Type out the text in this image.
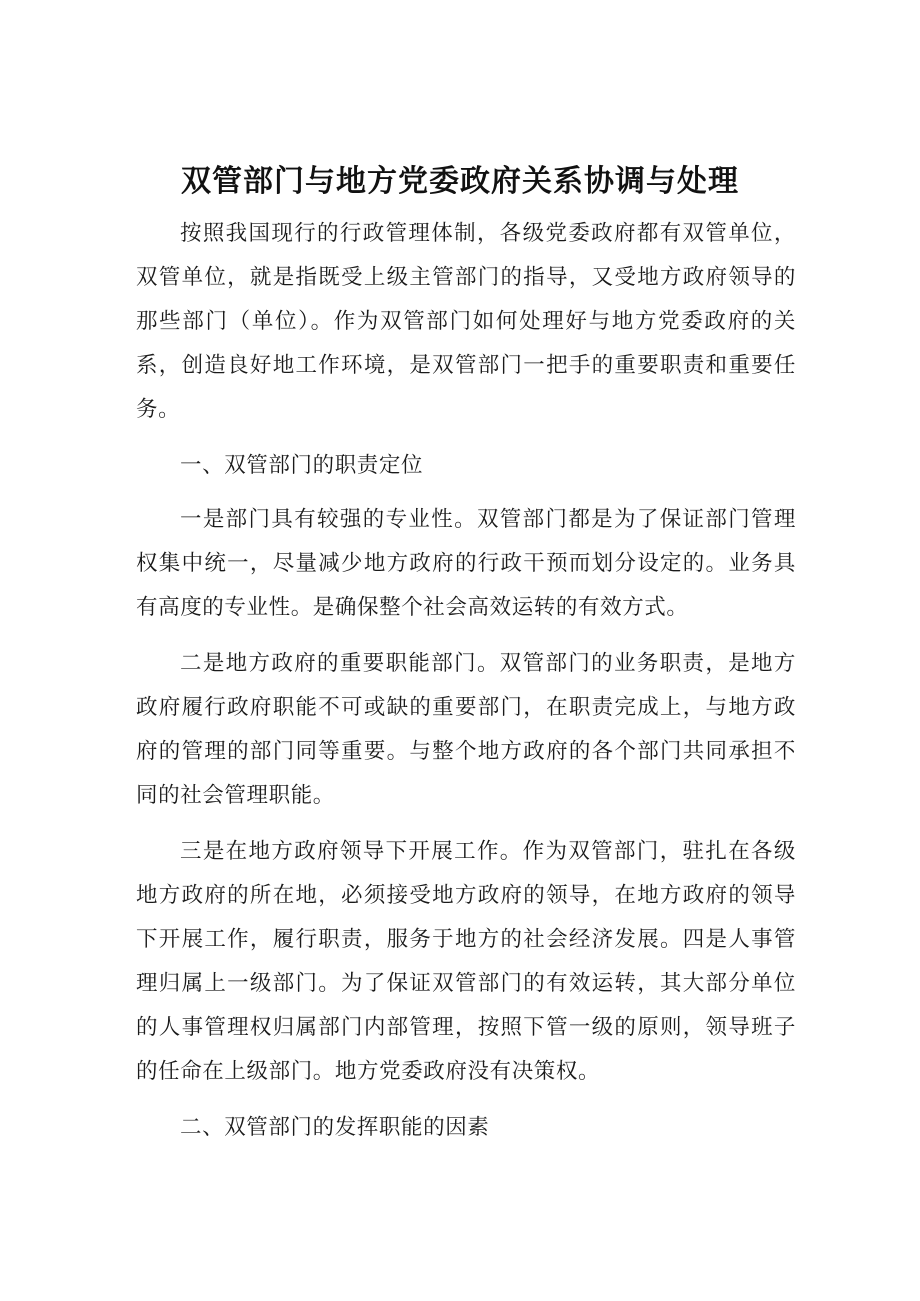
双管部门与地方党委政府关系协调与处理

按照我国现行的行政管理体制，各级党委政府都有双管单位，双管单位，就是指既受上级主管部门的指导，又受地方政府领导的那些部门（单位）。作为双管部门如何处理好与地方党委政府的关系，创造良好地工作环境，是双管部门一把手的重要职责和重要任务。

一、双管部门的职责定位

一是部门具有较强的专业性。双管部门都是为了保证部门管理权集中统一，尽量减少地方政府的行政干预而划分设定的。业务具有高度的专业性。是确保整个社会高效运转的有效方式。

二是地方政府的重要职能部门。双管部门的业务职责，是地方政府履行政府职能不可或缺的重要部门，在职责完成上，与地方政府的管理的部门同等重要。与整个地方政府的各个部门共同承担不同的社会管理职能。

三是在地方政府领导下开展工作。作为双管部门，驻扎在各级地方政府的所在地，必须接受地方政府的领导，在地方政府的领导下开展工作，履行职责，服务于地方的社会经济发展。四是人事管理归属上一级部门。为了保证双管部门的有效运转，其大部分单位的人事管理权归属部门内部管理，按照下管一级的原则，领导班子的任命在上级部门。地方党委政府没有决策权。

二、双管部门的发挥职能的因素
